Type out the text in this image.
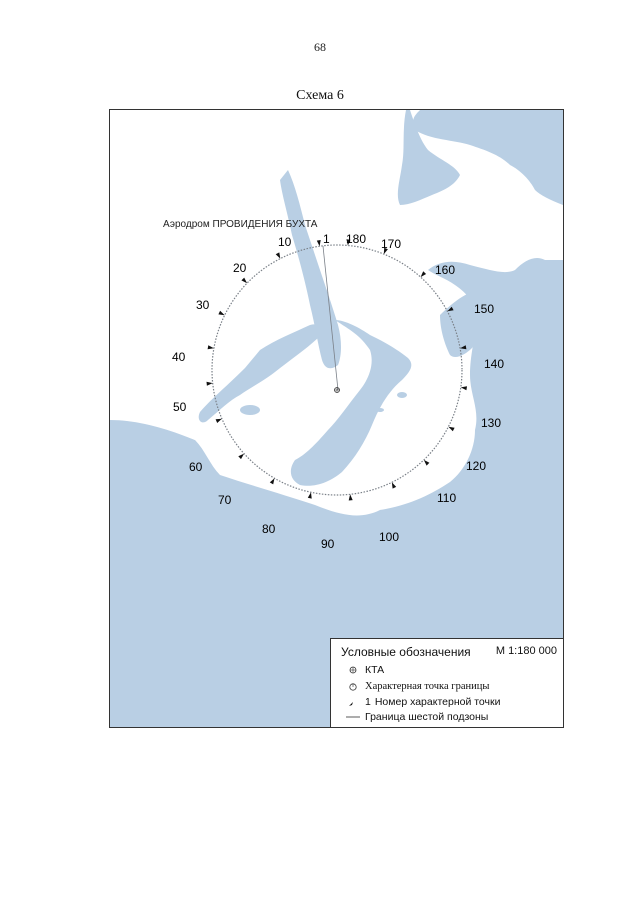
68
Схема 6
Аэродром ПРОВИДЕНИЯ БУХТА
10
20
30
40
50
60
70
80
90	100
110
120
130
140
150
160
170
180
1
Условные обозначения М 1:180 000
КТА
Характерная точка границы
1 Номер характерной точки
Граница шестой подзоны
